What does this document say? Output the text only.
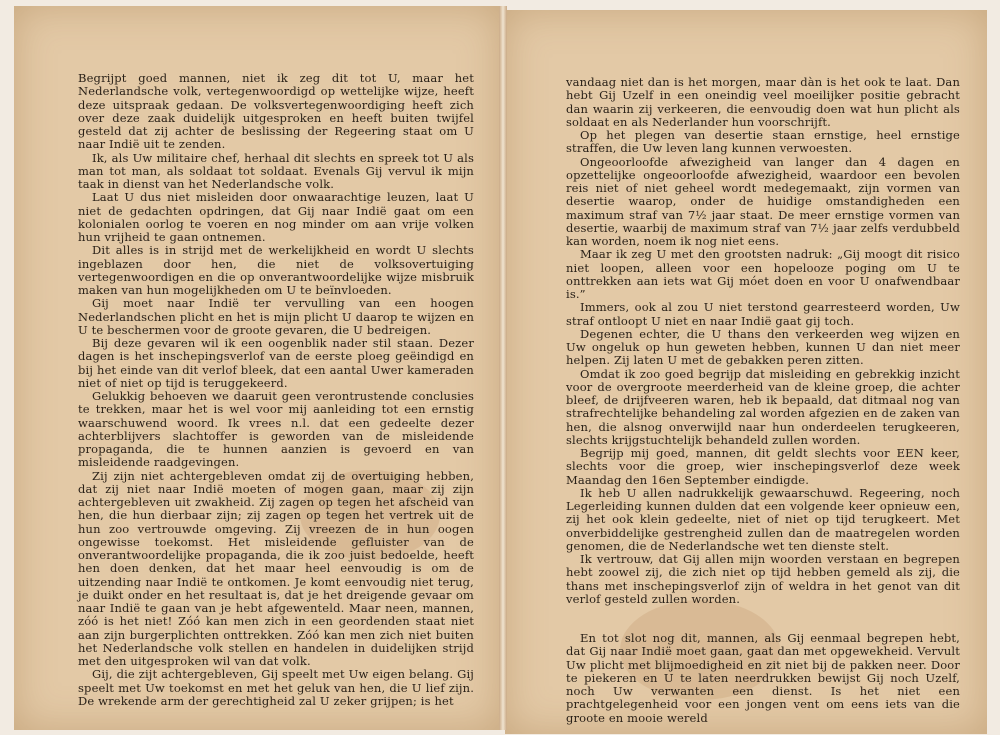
Begrijpt goed mannen, niet ik zeg dit tot U, maar het Nederlandsche volk, vertegenwoordigd op wettelijke wijze, heeft deze uitspraak gedaan. De volksvertegenwoordiging heeft zich over deze zaak duidelijk uitgesproken en heeft buiten twijfel gesteld dat zij achter de beslissing der Regeering staat om U naar Indië uit te zenden.

Ik, als Uw militaire chef, herhaal dit slechts en spreek tot U als man tot man, als soldaat tot soldaat. Evenals Gij vervul ik mijn taak in dienst van het Nederlandsche volk.

Laat U dus niet misleiden door onwaarachtige leuzen, laat U niet de gedachten opdringen, dat Gij naar Indië gaat om een kolonialen oorlog te voeren en nog minder om aan vrije volken hun vrijheid te gaan ontnemen.

Dit alles is in strijd met de werkelijkheid en wordt U slechts ingeblazen door hen, die niet de volksovertuiging vertegenwoordigen en die op onverantwoordelijke wijze misbruik maken van hun mogelijkheden om U te beïnvloeden.

Gij moet naar Indië ter vervulling van een hoogen Nederlandschen plicht en het is mijn plicht U daarop te wijzen en U te beschermen voor de groote gevaren, die U bedreigen.

Bij deze gevaren wil ik een oogenblik nader stil staan. Dezer dagen is het inschepingsverlof van de eerste ploeg geëindigd en bij het einde van dit verlof bleek, dat een aantal Uwer kameraden niet of niet op tijd is teruggekeerd.

Gelukkig behoeven we daaruit geen verontrustende conclusies te trekken, maar het is wel voor mij aanleiding tot een ernstig waarschuwend woord. Ik vrees n.l. dat een gedeelte dezer achterblijvers slachtoffer is geworden van de misleidende propaganda, die te hunnen aanzien is gevoerd en van misleidende raadgevingen.

Zij zijn niet achtergebleven omdat zij de overtuiging hebben, dat zij niet naar Indië moeten of mogen gaan, maar zij zijn achtergebleven uit zwakheid. Zij zagen op tegen het afscheid van hen, die hun dierbaar zijn; zij zagen op tegen het vertrek uit de hun zoo vertrouwde omgeving. Zij vreezen de in hun oogen ongewisse toekomst. Het misleidende gefluister van de onverantwoordelijke propaganda, die ik zoo juist bedoelde, heeft hen doen denken, dat het maar heel eenvoudig is om de uitzending naar Indië te ontkomen. Je komt eenvoudig niet terug, je duikt onder en het resultaat is, dat je het dreigende gevaar om naar Indië te gaan van je hebt afgewenteld. Maar neen, mannen, zóó is het niet! Zóó kan men zich in een geordenden staat niet aan zijn burgerplichten onttrekken. Zóó kan men zich niet buiten het Nederlandsche volk stellen en handelen in duidelijken strijd met den uitgesproken wil van dat volk.

Gij, die zijt achtergebleven, Gij speelt met Uw eigen belang. Gij speelt met Uw toekomst en met het geluk van hen, die U lief zijn. De wrekende arm der gerechtigheid zal U zeker grijpen; is het

vandaag niet dan is het morgen, maar dàn is het ook te laat. Dan hebt Gij Uzelf in een oneindig veel moeilijker positie gebracht dan waarin zij verkeeren, die eenvoudig doen wat hun plicht als soldaat en als Nederlander hun voorschrijft.

Op het plegen van desertie staan ernstige, heel ernstige straffen, die Uw leven lang kunnen verwoesten.

Ongeoorloofde afwezigheid van langer dan 4 dagen en opzettelijke ongeoorloofde afwezigheid, waardoor een bevolen reis niet of niet geheel wordt medegemaakt, zijn vormen van desertie waarop, onder de huidige omstandigheden een maximum straf van 7½ jaar staat. De meer ernstige vormen van desertie, waarbij de maximum straf van 7½ jaar zelfs verdubbeld kan worden, noem ik nog niet eens.

Maar ik zeg U met den grootsten nadruk: „Gij moogt dit risico niet loopen, alleen voor een hopelooze poging om U te onttrekken aan iets wat Gij móet doen en voor U onafwendbaar is.”

Immers, ook al zou U niet terstond gearresteerd worden, Uw straf ontloopt U niet en naar Indië gaat gij toch.

Degenen echter, die U thans den verkeerden weg wijzen en Uw ongeluk op hun geweten hebben, kunnen U dan niet meer helpen. Zij laten U met de gebakken peren zitten.

Omdat ik zoo goed begrijp dat misleiding en gebrekkig inzicht voor de overgroote meerderheid van de kleine groep, die achter bleef, de drijfveeren waren, heb ik bepaald, dat ditmaal nog van strafrechtelijke behandeling zal worden afgezien en de zaken van hen, die alsnog onverwijld naar hun onderdeelen terugkeeren, slechts krijgstuchtelijk behandeld zullen worden.

Begrijp mij goed, mannen, dit geldt slechts voor EEN keer, slechts voor die groep, wier inschepingsverlof deze week Maandag den 16en September eindigde.

Ik heb U allen nadrukkelijk gewaarschuwd. Regeering, noch Legerleiding kunnen dulden dat een volgende keer opnieuw een, zij het ook klein gedeelte, niet of niet op tijd terugkeert. Met onverbiddelijke gestrengheid zullen dan de maatregelen worden genomen, die de Nederlandsche wet ten dienste stelt.

Ik vertrouw, dat Gij allen mijn woorden verstaan en begrepen hebt zoowel zij, die zich niet op tijd hebben gemeld als zij, die thans met inschepingsverlof zijn of weldra in het genot van dit verlof gesteld zullen worden.

En tot slot nog dit, mannen, als Gij eenmaal begrepen hebt, dat Gij naar Indië moet gaan, gaat dan met opgewekheid. Vervult Uw plicht met blijmoedigheid en zit niet bij de pakken neer. Door te piekeren en U te laten neerdrukken bewijst Gij noch Uzelf, noch Uw verwanten een dienst. Is het niet een prachtgelegenheid voor een jongen vent om eens iets van die groote en mooie wereld
